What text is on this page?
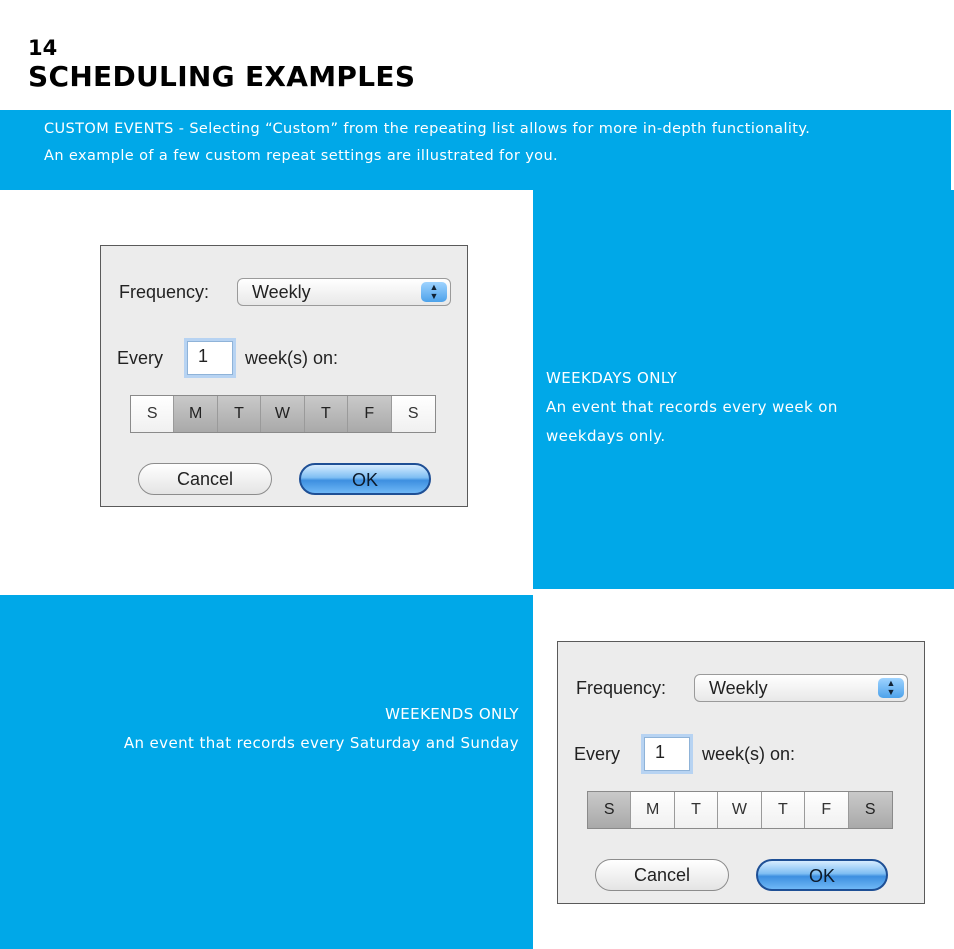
14
SCHEDULING EXAMPLES
CUSTOM EVENTS - Selecting “Custom” from the repeating list allows for more in-depth functionality.
An example of a few custom repeat settings are illustrated for you.
Frequency: Weekly	▲
▼
Every	1	week(s) on:
S	M	T	W	T	F	S
Cancel	OK
WEEKDAYS ONLY
An event that records every week on
weekdays only.
WEEKENDS ONLY
An event that records every Saturday and Sunday
Frequency: Weekly	▲
▼
Every	1	week(s) on:
S	M	T	W	T	F	S
Cancel	OK
